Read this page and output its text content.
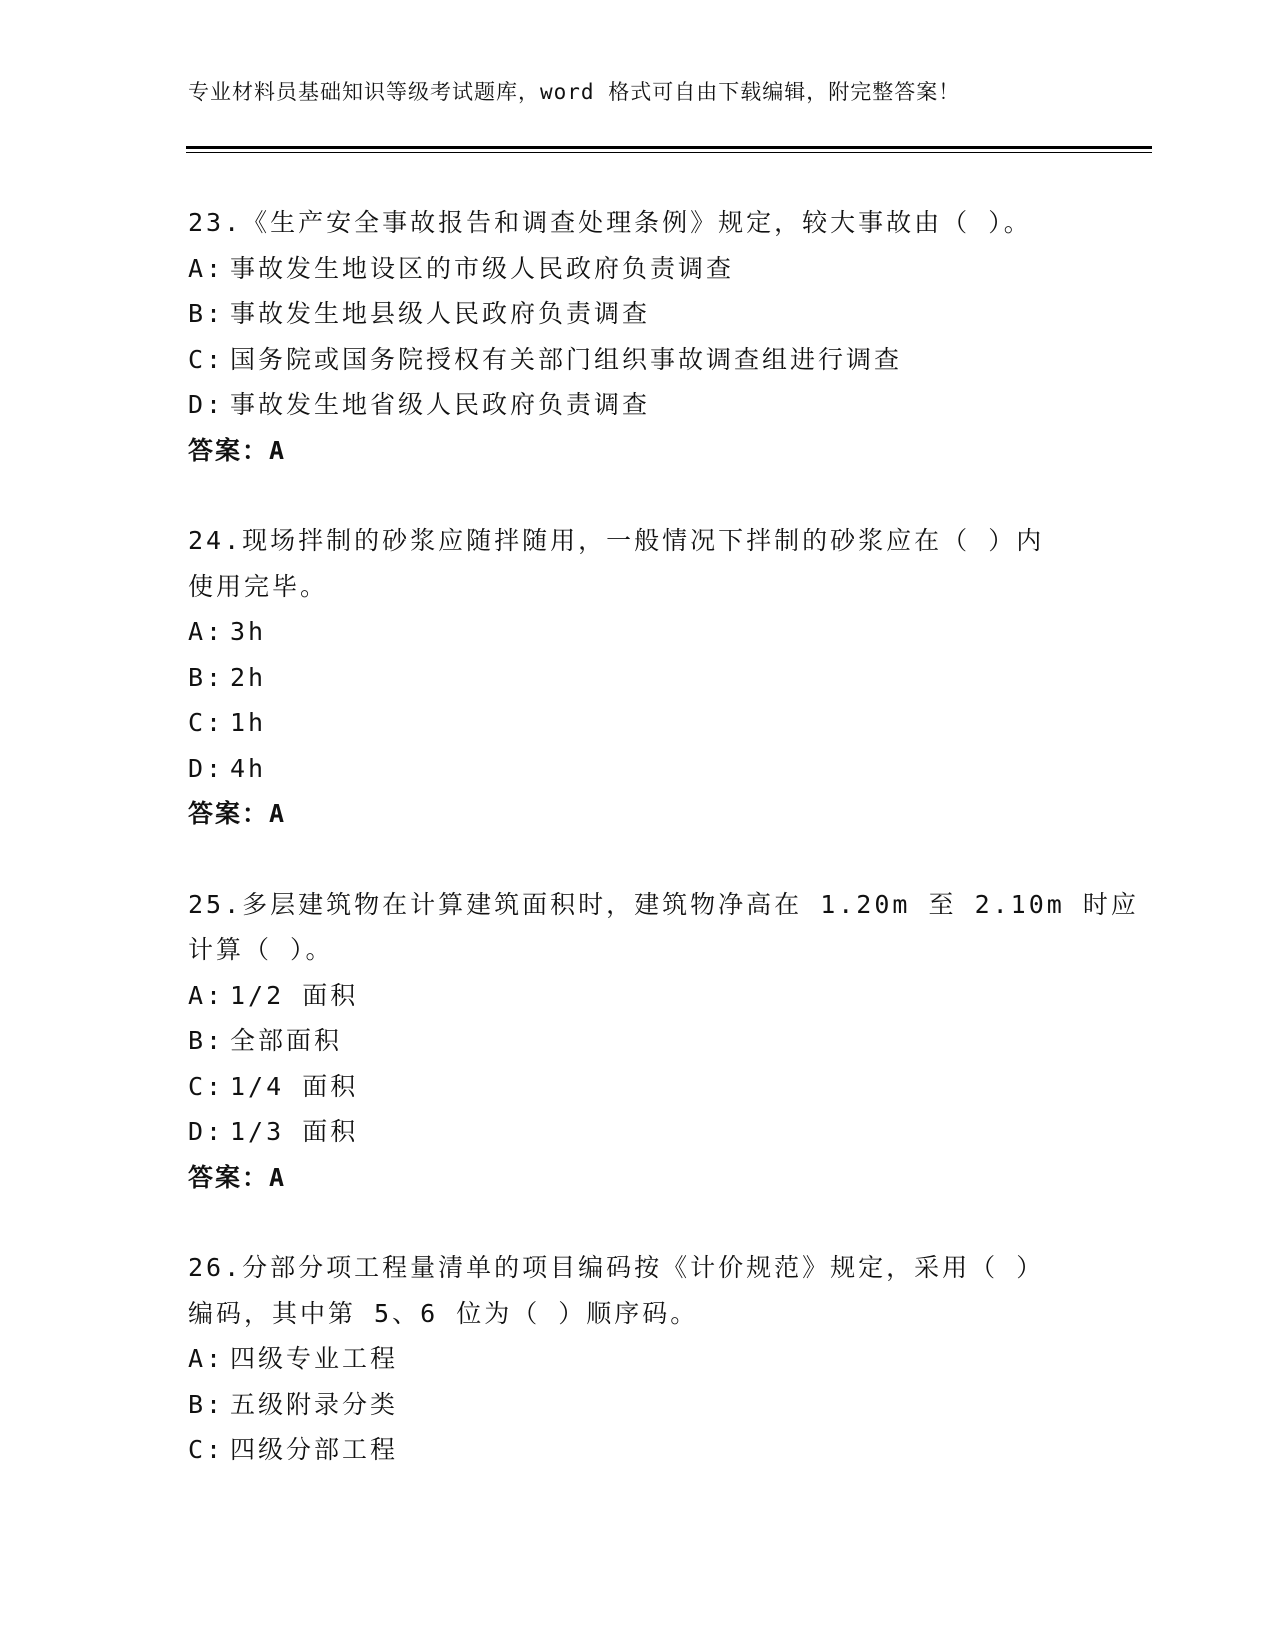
专业材料员基础知识等级考试题库，word 格式可自由下载编辑，附完整答案！
23.《生产安全事故报告和调查处理条例》规定，较大事故由（ ）。
A: 事故发生地设区的市级人民政府负责调查
B: 事故发生地县级人民政府负责调查
C: 国务院或国务院授权有关部门组织事故调查组进行调查
D: 事故发生地省级人民政府负责调查
答案：A
24.现场拌制的砂浆应随拌随用，一般情况下拌制的砂浆应在（ ）内
使用完毕。
A: 3h
B: 2h
C: 1h
D: 4h
答案：A
25.多层建筑物在计算建筑面积时，建筑物净高在 1.20m 至 2.10m 时应
计算（ ）。
A: 1/2 面积
B: 全部面积
C: 1/4 面积
D: 1/3 面积
答案：A
26.分部分项工程量清单的项目编码按《计价规范》规定，采用（ ）
编码，其中第 5、6 位为（ ）顺序码。
A: 四级专业工程
B: 五级附录分类
C: 四级分部工程
